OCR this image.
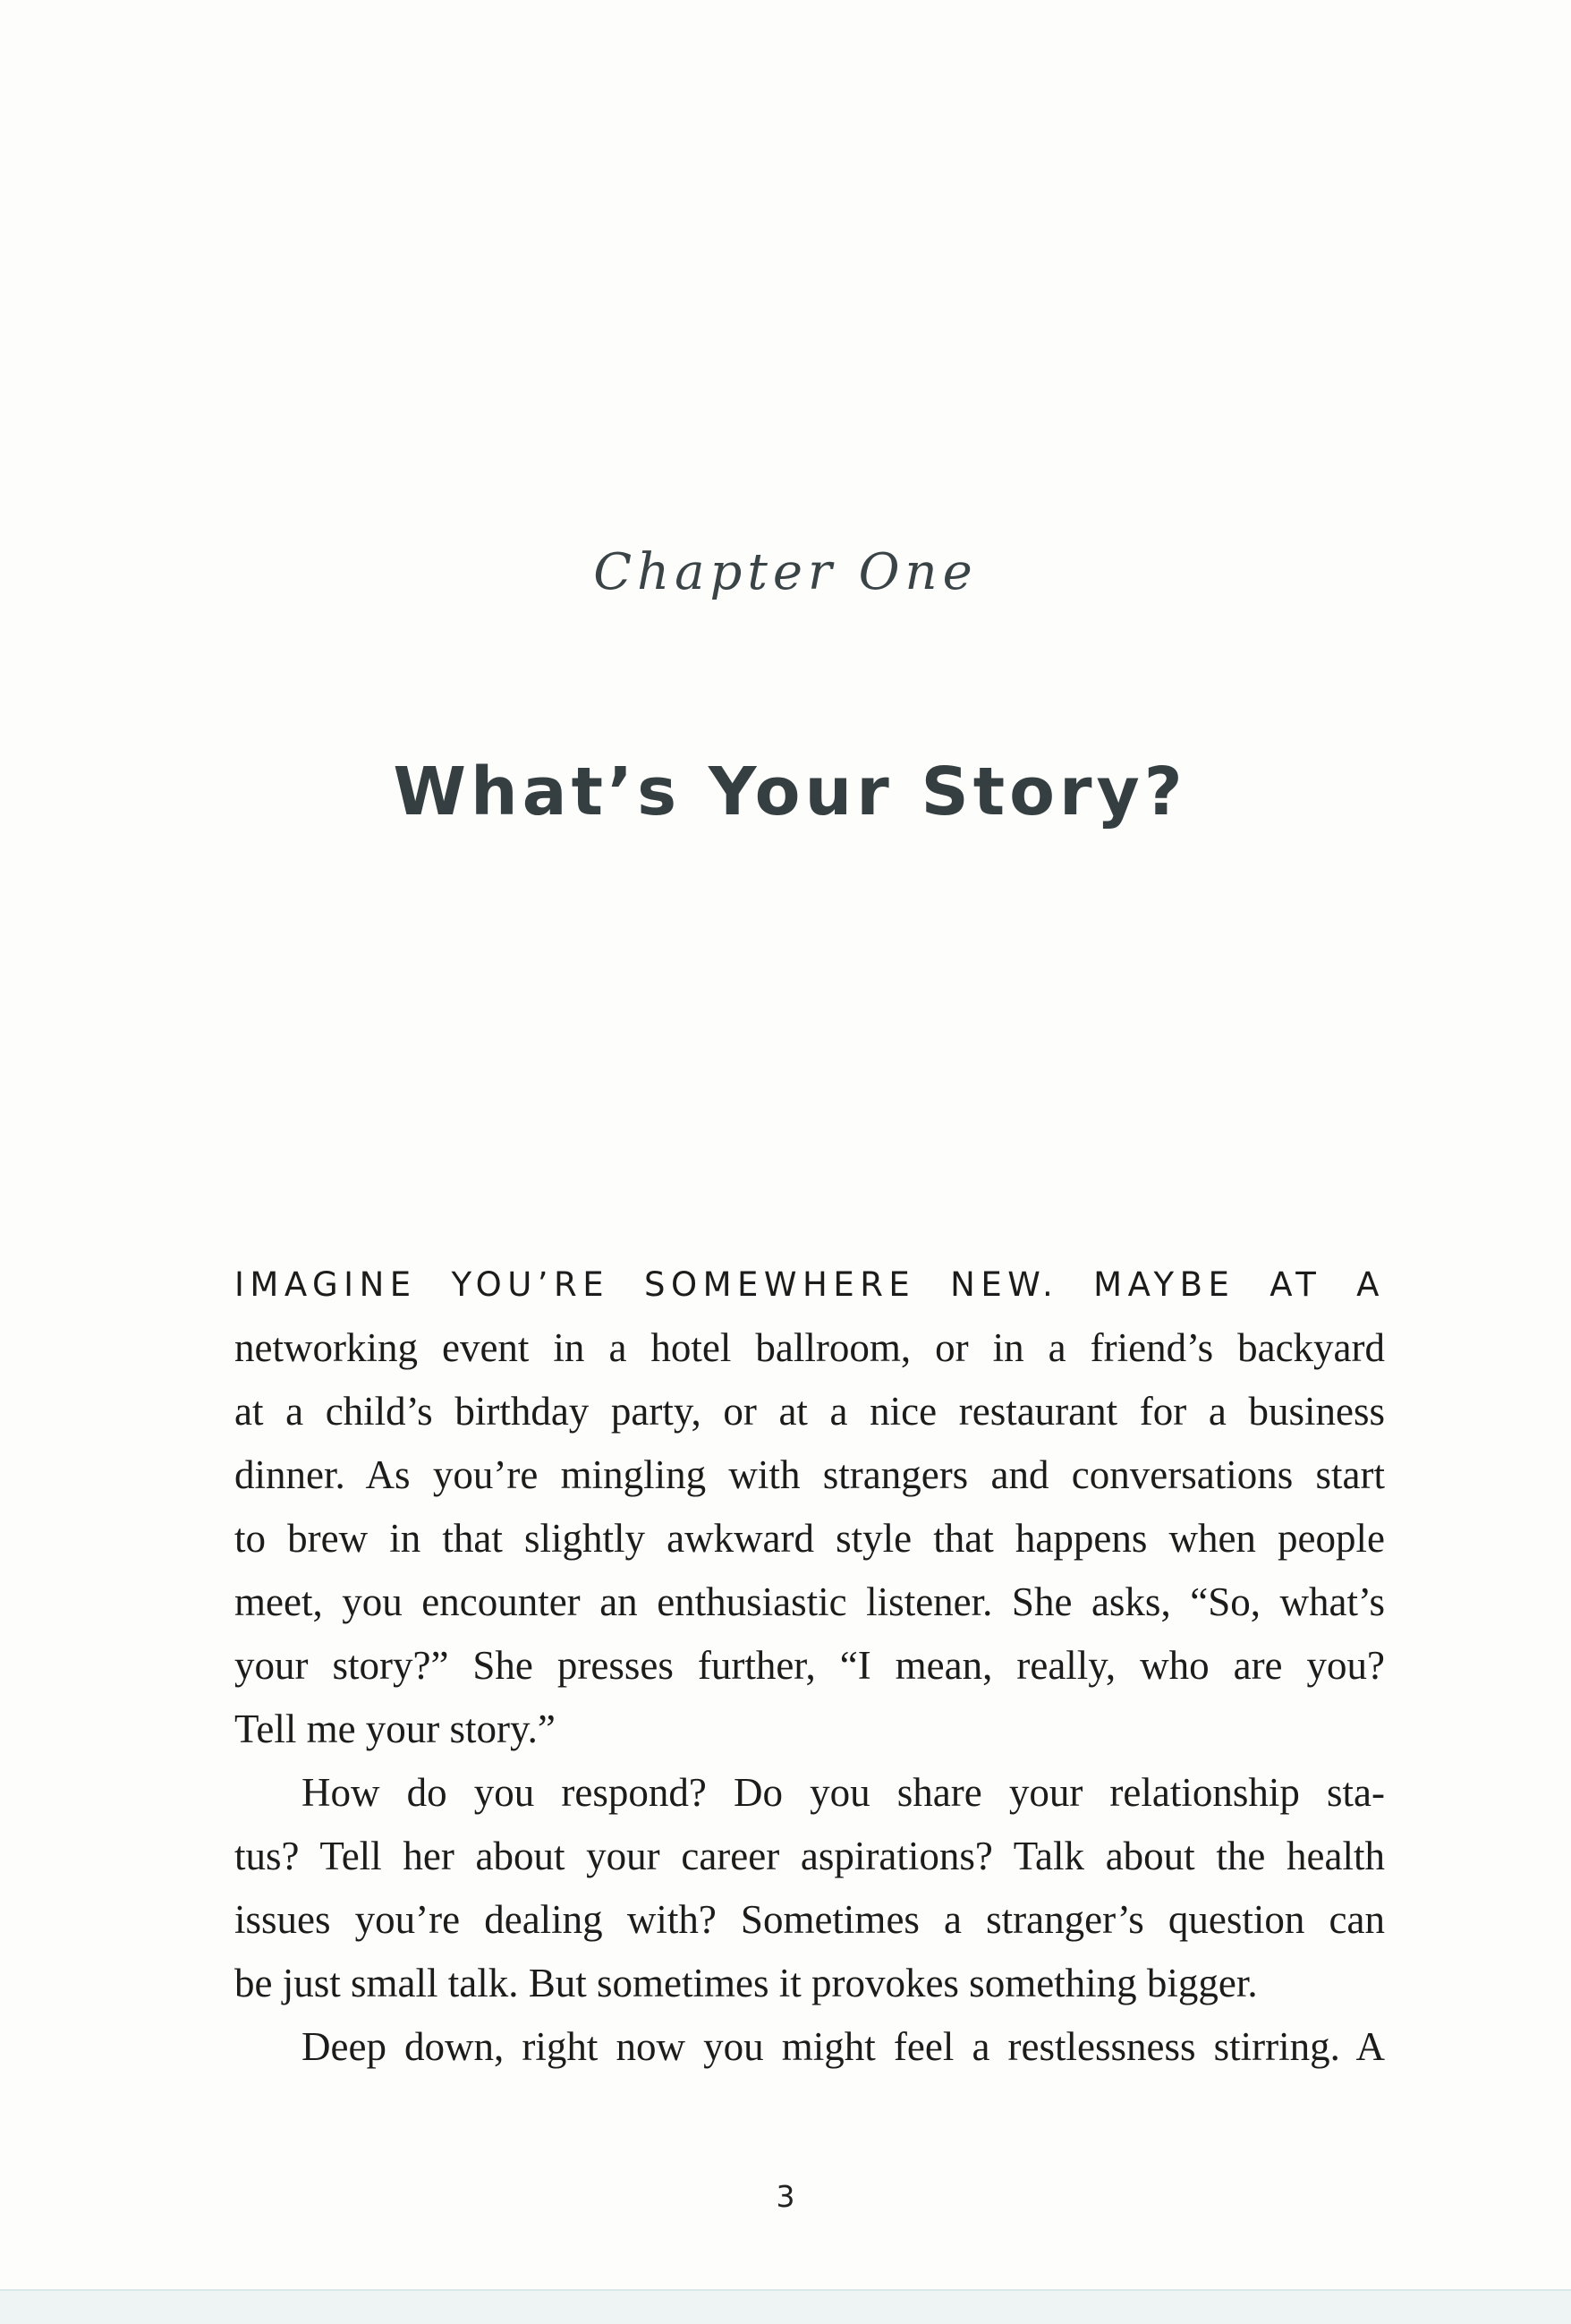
Chapter One
What’s Your Story?
IMAGINE YOU’RE SOMEWHERE NEW. MAYBE AT A
networking event in a hotel ballroom, or in a friend’s backyard
at a child’s birthday party, or at a nice restaurant for a business
dinner. As you’re mingling with strangers and conversations start
to brew in that slightly awkward style that happens when people
meet, you encounter an enthusiastic listener. She asks, “So, what’s
your story?” She presses further, “I mean, really, who are you?
Tell me your story.”
How do you respond? Do you share your relationship sta-
tus? Tell her about your career aspirations? Talk about the health
issues you’re dealing with? Sometimes a stranger’s question can
be just small talk. But sometimes it provokes something bigger.
Deep down, right now you might feel a restlessness stirring. A
3
